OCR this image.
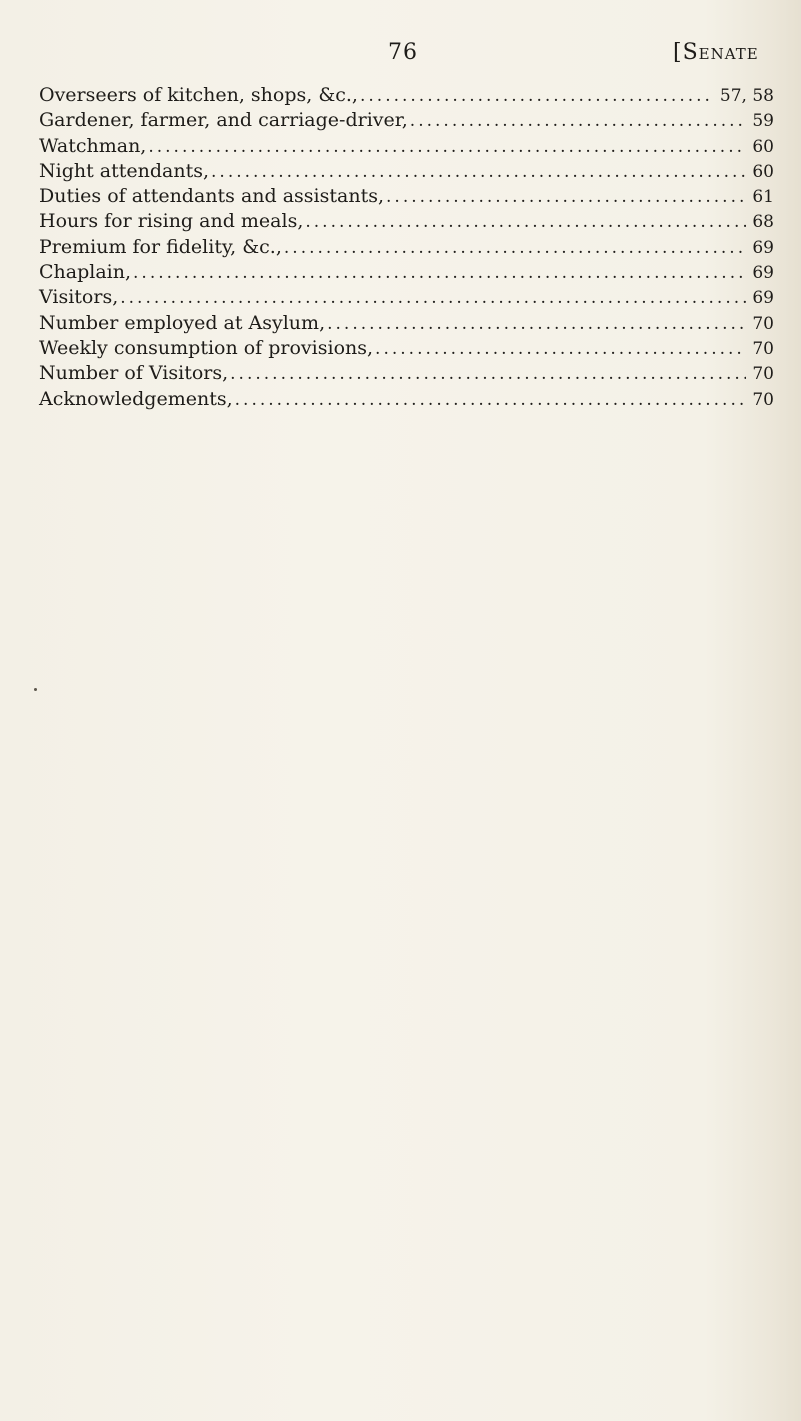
76	[Senate
Overseers of kitchen, shops, &c., .....	57, 58
Gardener, farmer, and carriage-driver, .....	59
Watchman, .....	60
Night attendants, .....	60
Duties of attendants and assistants, .....	61
Hours for rising and meals, .....	68
Premium for fidelity, &c., .....	69
Chaplain, .....	69
Visitors, .....	69
Number employed at Asylum, .....	70
Weekly consumption of provisions, .....	70
Number of Visitors, .....	70
Acknowledgements, .....	70
